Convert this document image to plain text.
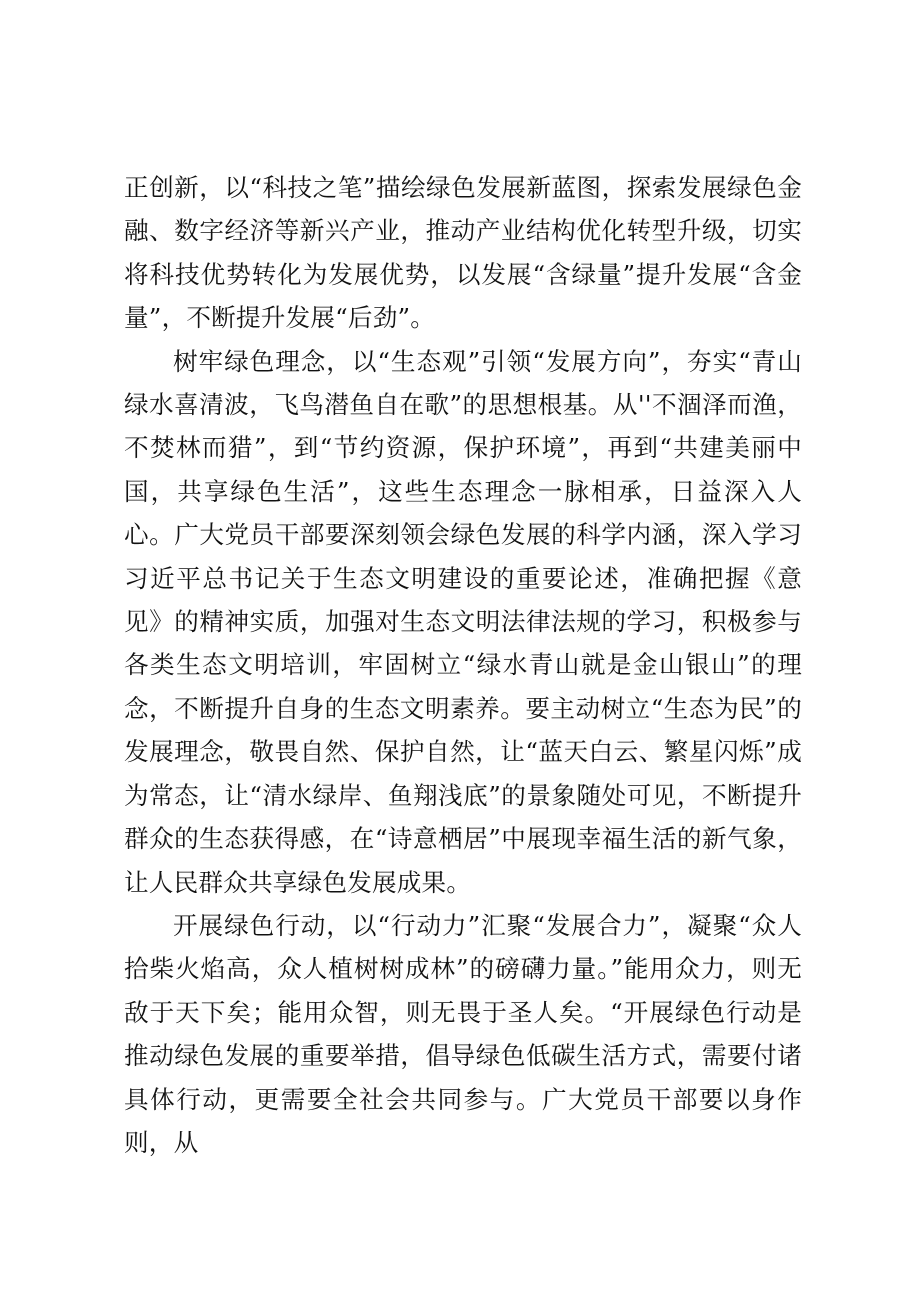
正创新，以“科技之笔”描绘绿色发展新蓝图，探索发展绿色金融、数字经济等新兴产业，推动产业结构优化转型升级，切实将科技优势转化为发展优势，以发展“含绿量”提升发展“含金量”，不断提升发展“后劲”。

树牢绿色理念，以“生态观”引领“发展方向”，夯实“青山绿水喜清波，飞鸟潜鱼自在歌”的思想根基。从''不涸泽而渔，不焚林而猎”，到“节约资源，保护环境”，再到“共建美丽中国，共享绿色生活”，这些生态理念一脉相承，日益深入人心。广大党员干部要深刻领会绿色发展的科学内涵，深入学习习近平总书记关于生态文明建设的重要论述，准确把握《意见》的精神实质，加强对生态文明法律法规的学习，积极参与各类生态文明培训，牢固树立“绿水青山就是金山银山”的理念，不断提升自身的生态文明素养。要主动树立“生态为民”的发展理念，敬畏自然、保护自然，让“蓝天白云、繁星闪烁”成为常态，让“清水绿岸、鱼翔浅底”的景象随处可见，不断提升群众的生态获得感，在“诗意栖居”中展现幸福生活的新气象，让人民群众共享绿色发展成果。

开展绿色行动，以“行动力”汇聚“发展合力”，凝聚“众人拾柴火焰高，众人植树树成林”的磅礴力量。”能用众力，则无敌于天下矣；能用众智，则无畏于圣人矣。“开展绿色行动是推动绿色发展的重要举措，倡导绿色低碳生活方式，需要付诸具体行动，更需要全社会共同参与。广大党员干部要以身作则，从
